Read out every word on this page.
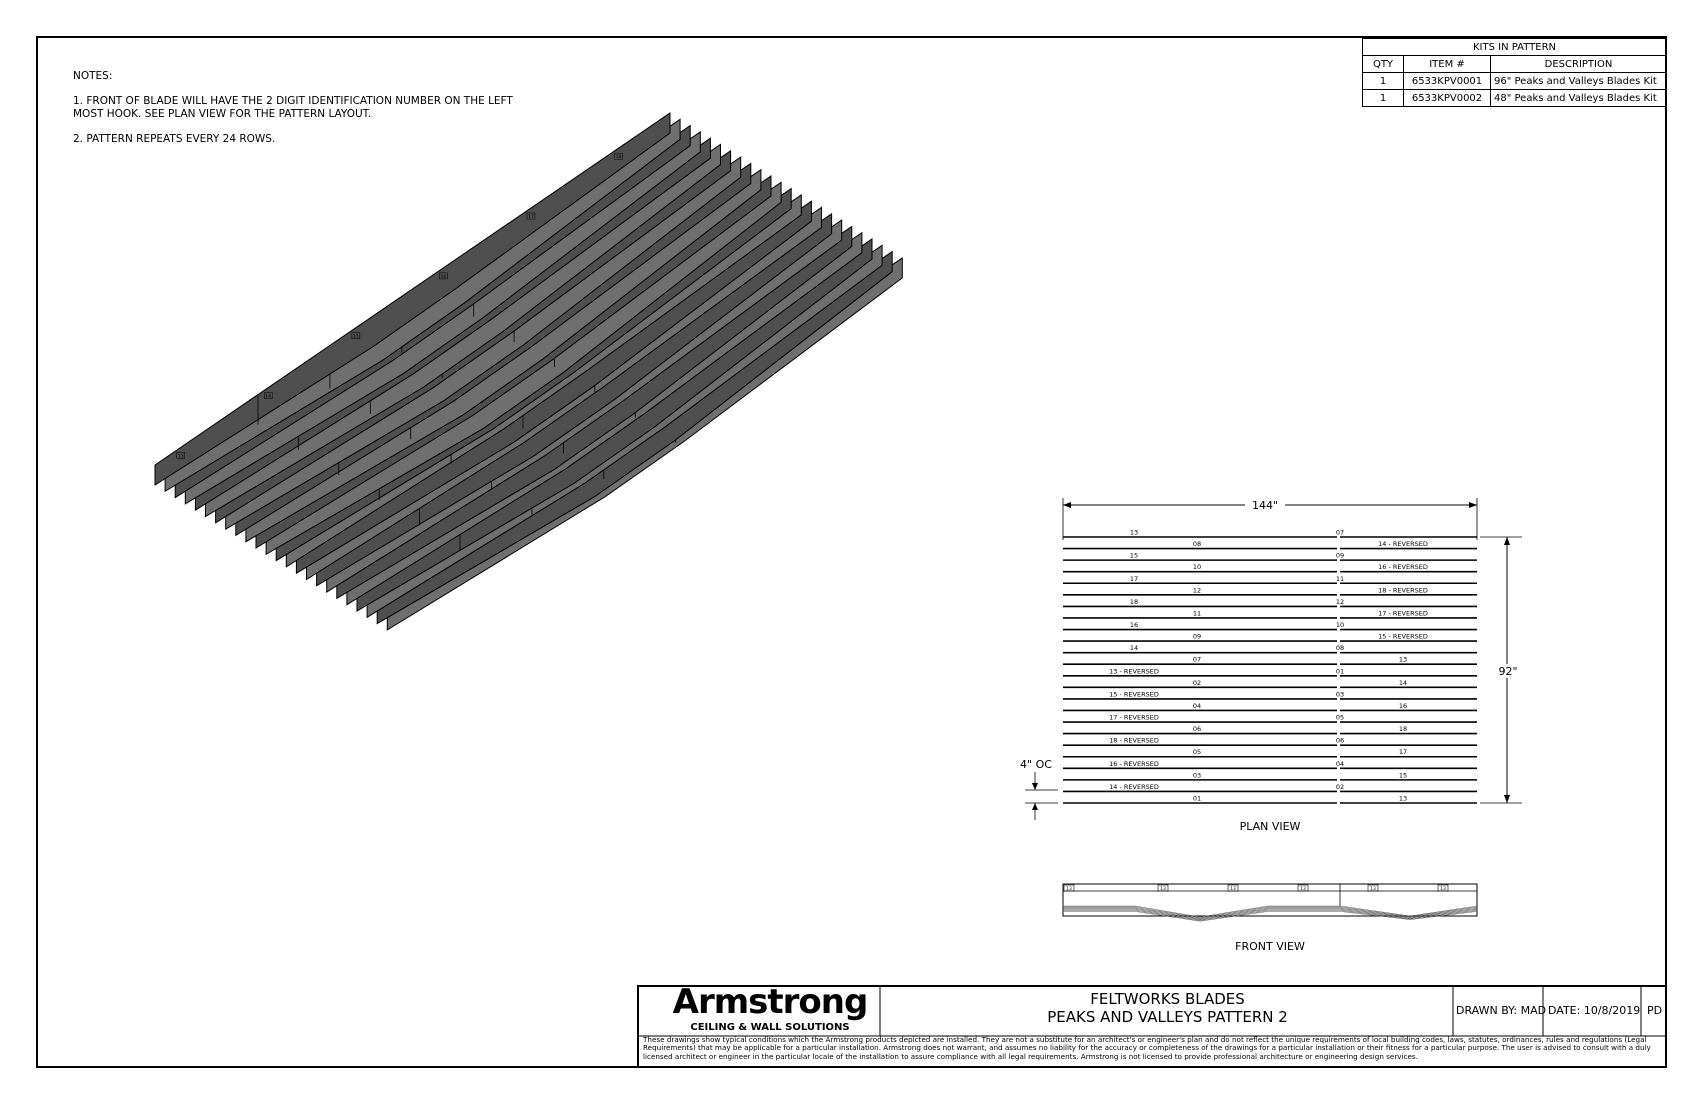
13
14
15
16
17
18
144"
92"
13	07
08	14 - REVERSED
15	09
10	16 - REVERSED
17	11
12	18 - REVERSED
18	12
11	17 - REVERSED
16	10
09	15 - REVERSED
14	08
07	13
13 - REVERSED	01
02	14
15 - REVERSED	03
04	16
17 - REVERSED	05
06	18
18 - REVERSED	06
05	17
16 - REVERSED	04
03	15
14 - REVERSED	02
01	13
4" OC
PLAN VIEW
13	13	13	13	13	13
FRONT VIEW

NOTES:

1. FRONT OF BLADE WILL HAVE THE 2 DIGIT IDENTIFICATION NUMBER ON THE LEFT MOST HOOK. SEE PLAN VIEW FOR THE PATTERN LAYOUT.

2. PATTERN REPEATS EVERY 24 ROWS.

KITS IN PATTERN		
QTY	ITEM #	DESCRIPTION
1	6533KPV0001	96" Peaks and Valleys Blades Kit
1	6533KPV0002	48" Peaks and Valleys Blades Kit
Armstrong
CEILING & WALL SOLUTIONS
FELTWORKS BLADES
PEAKS AND VALLEYS PATTERN 2	DRAWN BY: MAD DATE: 10/8/2019 PD
These drawings show typical conditions which the Armstrong products depicted are installed. They are not a substitute for an architect's or engineer's plan and do not reflect the unique requirements of local building codes, laws, statutes, ordinances, rules and regulations (Legal Requirements) that may be applicable for a particular installation. Armstrong does not warrant, and assumes no liability for the accuracy or completeness of the drawings for a particular installation or their fitness for a particular purpose. The user is advised to consult with a duly licensed architect or engineer in the particular locale of the installation to assure compliance with all legal requirements. Armstrong is not licensed to provide professional architecture or engineering design services.
